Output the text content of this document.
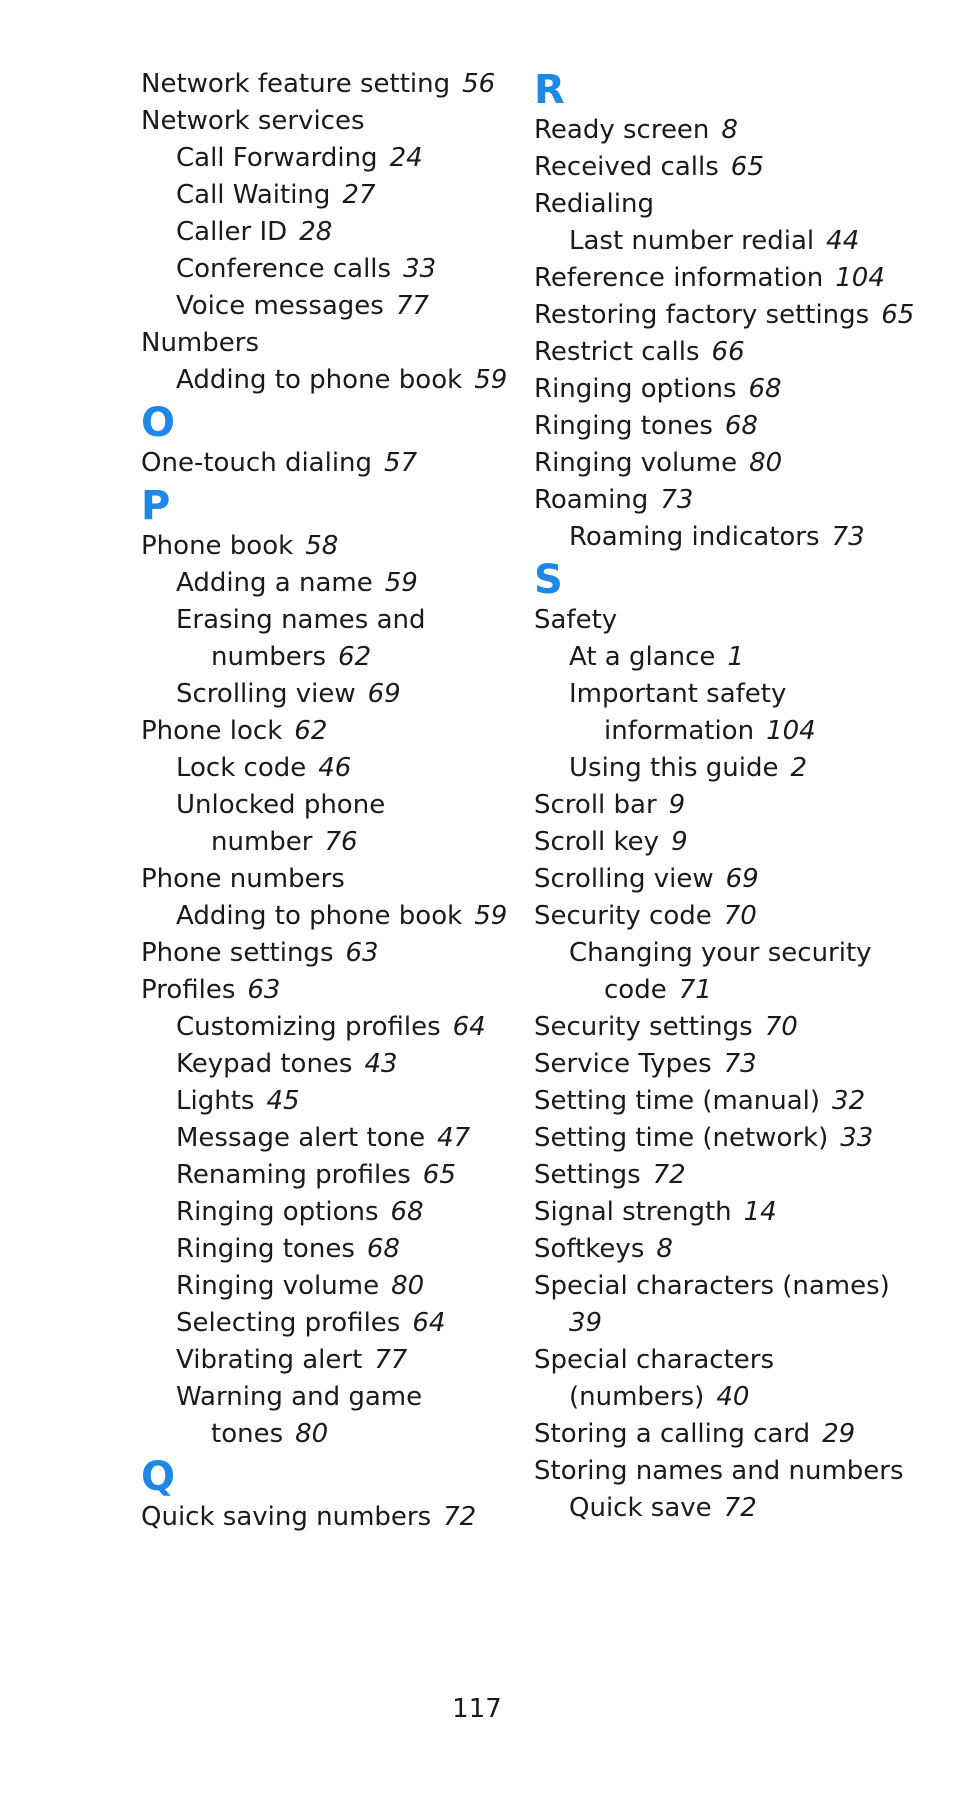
Network feature setting 56
Network services
Call Forwarding 24
Call Waiting 27
Caller ID 28
Conference calls 33
Voice messages 77
Numbers
Adding to phone book 59
O
One-touch dialing 57
P
Phone book 58
Adding a name 59
Erasing names and
numbers 62
Scrolling view 69
Phone lock 62
Lock code 46
Unlocked phone
number 76
Phone numbers
Adding to phone book 59
Phone settings 63
Profiles 63
Customizing profiles 64
Keypad tones 43
Lights 45
Message alert tone 47
Renaming profiles 65
Ringing options 68
Ringing tones 68
Ringing volume 80
Selecting profiles 64
Vibrating alert 77
Warning and game
tones 80
Q
Quick saving numbers 72
R
Ready screen 8
Received calls 65
Redialing
Last number redial 44
Reference information 104
Restoring factory settings 65
Restrict calls 66
Ringing options 68
Ringing tones 68
Ringing volume 80
Roaming 73
Roaming indicators 73
S
Safety
At a glance 1
Important safety
information 104
Using this guide 2
Scroll bar 9
Scroll key 9
Scrolling view 69
Security code 70
Changing your security
code 71
Security settings 70
Service Types 73
Setting time (manual) 32
Setting time (network) 33
Settings 72
Signal strength 14
Softkeys 8
Special characters (names)
39
Special characters
(numbers) 40
Storing a calling card 29
Storing names and numbers
Quick save 72
117
